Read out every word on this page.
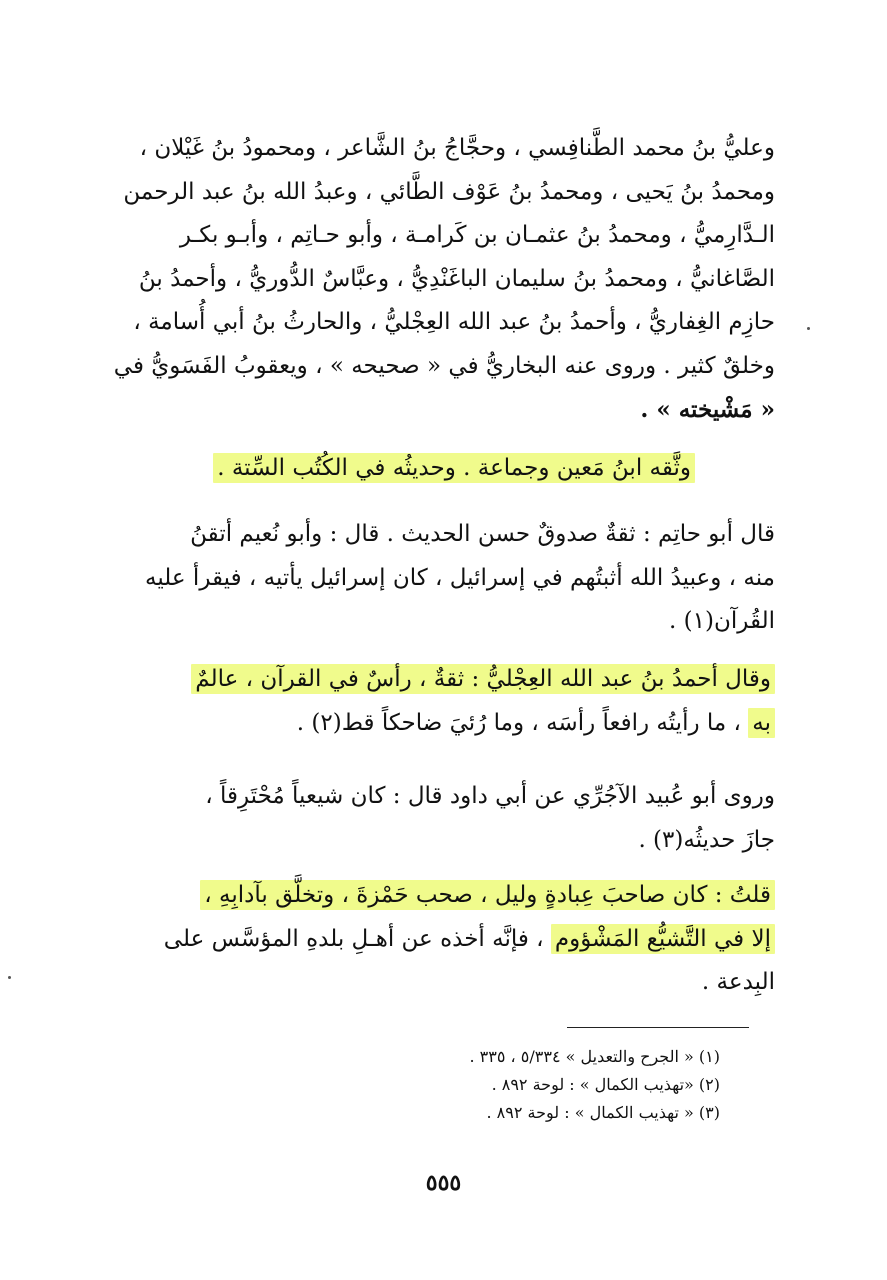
وعليُّ بنُ محمد الطَّنافِسي ، وحجَّاجُ بنُ الشَّاعر ، ومحمودُ بنُ غَيْلان ،
ومحمدُ بنُ يَحيى ، ومحمدُ بنُ عَوْف الطَّائي ، وعبدُ الله بنُ عبد الرحمن
الـدَّارِميُّ ، ومحمدُ بنُ عثمـان بن كَرامـة ، وأبو حـاتِم ، وأبـو بكـر
الصَّاغانيُّ ، ومحمدُ بنُ سليمان الباغَنْدِيُّ ، وعبَّاسٌ الدُّوريُّ ، وأحمدُ بنُ
حازِم الغِفاريُّ ، وأحمدُ بنُ عبد الله العِجْليُّ ، والحارثُ بنُ أبي أُسامة ،
وخلقٌ كثير . وروى عنه البخاريُّ في « صحيحه » ، ويعقوبُ الفَسَويُّ في
« مَشْيخته » .
وثَّقه ابنُ مَعين وجماعة . وحديثُه في الكُتُب السِّتة .
قال أبو حاتِم : ثقةٌ صدوقٌ حسن الحديث . قال : وأبو نُعيم أتقنُ
منه ، وعبيدُ الله أثبتُهم في إسرائيل ، كان إسرائيل يأتيه ، فيقرأ عليه
القُرآن(١) .
وقال أحمدُ بنُ عبد الله العِجْليُّ : ثقةٌ ، رأسٌ في القرآن ، عالمٌ
به ، ما رأيتُه رافعاً رأسَه ، وما رُئيَ ضاحكاً قط(٢) .
وروى أبو عُبيد الآجُرِّي عن أبي داود قال : كان شيعياً مُحْتَرِقاً ،
جازَ حديثُه(٣) .
قلتُ : كان صاحبَ عِبادةٍ وليل ، صحب حَمْزةَ ، وتخلَّق بآدابِهِ ،
إلا في التَّشيُّع المَشْؤوم ، فإنَّه أخذه عن أهـلِ بلدهِ المؤسَّس على
البِدعة .
(١) « الجرح والتعديل » ٥/٣٣٤ ، ٣٣٥ .
(٢) «تهذيب الكمال » : لوحة ٨٩٢ .
(٣) « تهذيب الكمال » : لوحة ٨٩٢ .
٥٥٥
